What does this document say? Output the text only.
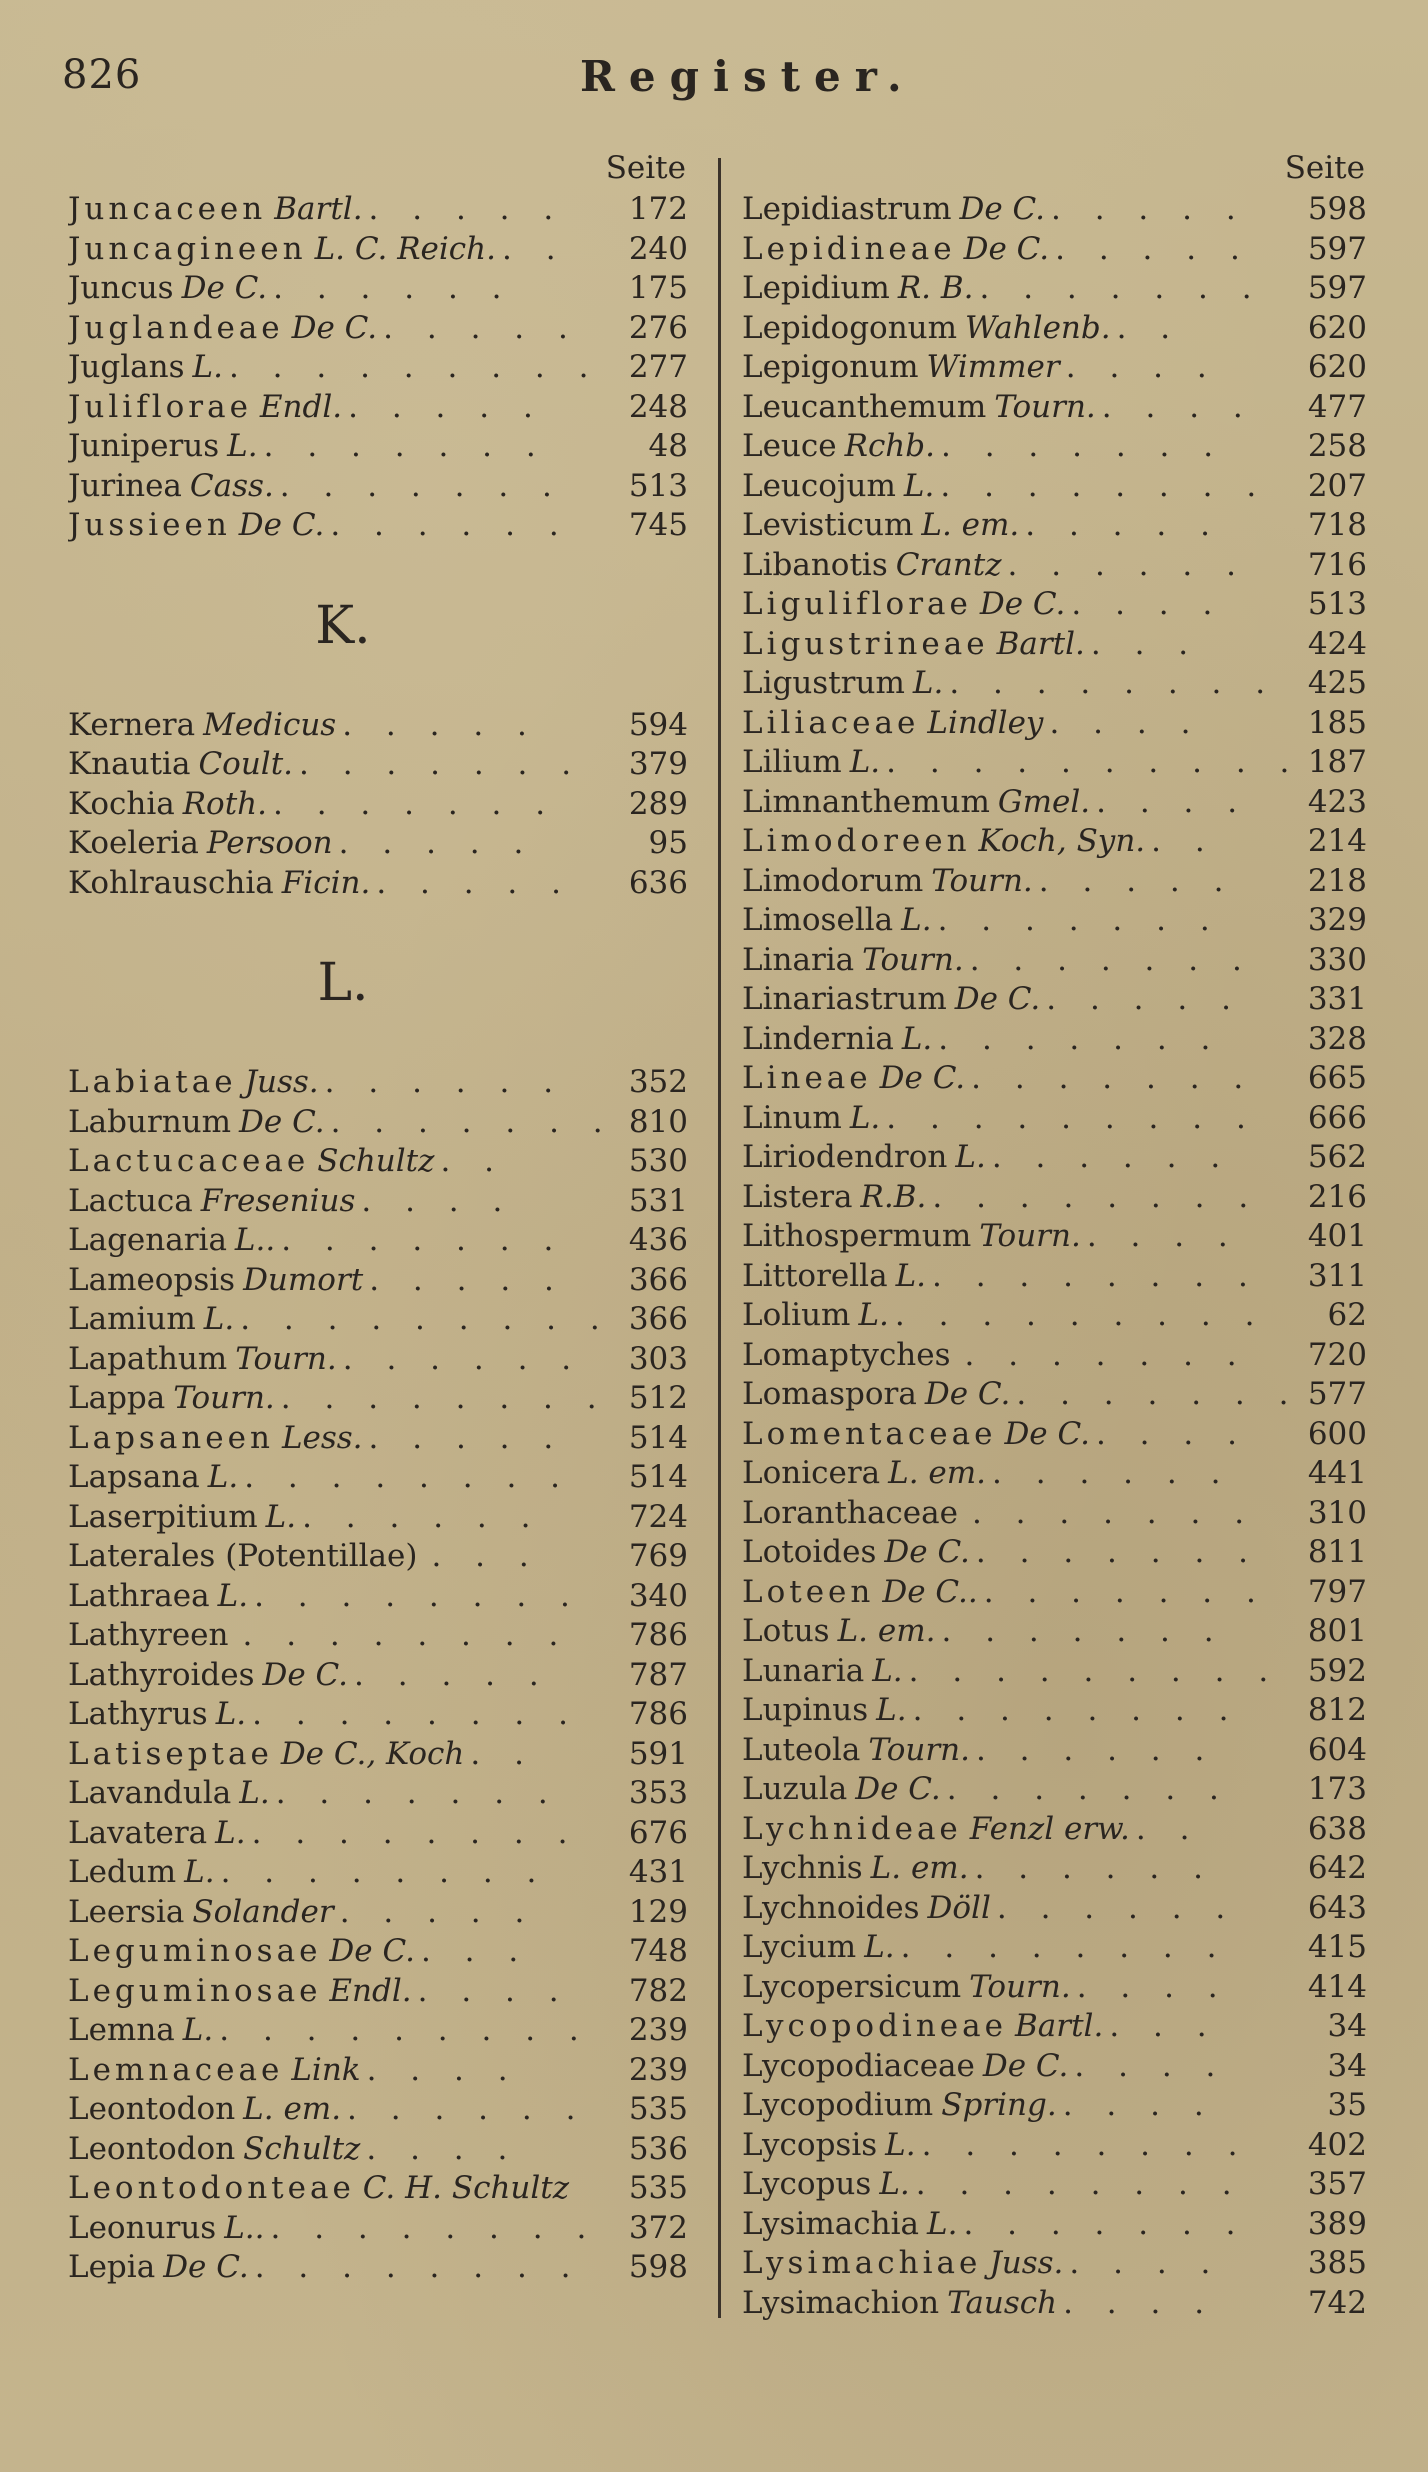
826	Register.
Seite
Juncaceen Bartl. . . . . .	172
Juncagineen L. C. Reich. . .	240
Juncus De C. . . . . . .	175
Juglandeae De C. . . . . .	276
Juglans L. . . . . . . . . . 277
Juliflorae Endl. . . . . .	248
Juniperus L. . . . . . . .	48
Jurinea Cass. . . . . . . .	513
Jussieen De C. . . . . . .	745
K.
Kernera Medicus . . . . .	594
Knautia Coult. . . . . . . .	379
Kochia Roth. . . . . . . .	289
Koeleria Persoon . . . . .	95
Kohlrauschia Ficin. . . . . .	636
L.
Labiatae Juss. . . . . . .	352
Laburnum De C. . . . . . . . 810
Lactucaceae Schultz . .	530
Lactuca Fresenius . . . .	531
Lagenaria L.. . . . . . . .	436
Lameopsis Dumort . . . . .	366
Lamium L. . . . . . . . . . 366
Lapathum Tourn. . . . . . .	303
Lappa Tourn. . . . . . . . . 512
Lapsaneen Less. . . . . .	514
Lapsana L. . . . . . . . .	514
Laserpitium L. . . . . . .	724
Laterales (Potentillae) . . .	769
Lathraea L. . . . . . . . .	340
Lathyreen . . . . . . . .	786
Lathyroides De C. . . . . .	787
Lathyrus L. . . . . . . . .	786
Latiseptae De C., Koch . .	591
Lavandula L. . . . . . . .	353
Lavatera L. . . . . . . . .	676
Ledum L. . . . . . . . .	431
Leersia Solander . . . . .	129
Leguminosae De C. . . .	748
Leguminosae Endl. . . . .	782
Lemna L. . . . . . . . . .	239
Lemnaceae Link . . . .	239
Leontodon L. em. . . . . . .	535
Leontodon Schultz . . . .	536
Leontodonteae C. H. Schultz 535
Leonurus L.. . . . . . . . . 372
Lepia De C. . . . . . . . .	598
Seite
Lepidiastrum De C. . . . . .	598
Lepidineae De C. . . . . .	597
Lepidium R. B. . . . . . . .	597
Lepidogonum Wahlenb. . .	620
Lepigonum Wimmer . . . .	620
Leucanthemum Tourn. . . . .	477
Leuce Rchb. . . . . . . .	258
Leucojum L. . . . . . . . .	207
Levisticum L. em. . . . . .	718
Libanotis Crantz . . . . . .	716
Liguliflorae De C. . . . .	513
Ligustrineae Bartl. . . .	424
Ligustrum L. . . . . . . . . 425
Liliaceae Lindley . . . .	185
Lilium L. . . . . . . . . . . 187
Limnanthemum Gmel. . . . .	423
Limodoreen Koch, Syn. . .	214
Limodorum Tourn. . . . . .	218
Limosella L. . . . . . . .	329
Linaria Tourn. . . . . . . .	330
Linariastrum De C. . . . . .	331
Lindernia L. . . . . . . .	328
Lineae De C. . . . . . . .	665
Linum L. . . . . . . . . .	666
Liriodendron L. . . . . . .	562
Listera R.B. . . . . . . . .	216
Lithospermum Tourn. . . . .	401
Littorella L. . . . . . . . .	311
Lolium L. . . . . . . . . .	62
Lomaptyches . . . . . . .	720
Lomaspora De C. . . . . . . . 577
Lomentaceae De C. . . . .	600
Lonicera L. em. . . . . . .	441
Loranthaceae . . . . . . .	310
Lotoides De C. . . . . . . .	811
Loteen De C.. . . . . . . .	797
Lotus L. em. . . . . . . .	801
Lunaria L. . . . . . . . . . 592
Lupinus L. . . . . . . . .	812
Luteola Tourn. . . . . . .	604
Luzula De C. . . . . . . .	173
Lychnideae Fenzl erw. . .	638
Lychnis L. em. . . . . . .	642
Lychnoides Döll . . . . . .	643
Lycium L. . . . . . . . .	415
Lycopersicum Tourn. . . . .	414
Lycopodineae Bartl. . . .	34
Lycopodiaceae De C. . . . .	34
Lycopodium Spring. . . . .	35
Lycopsis L. . . . . . . . .	402
Lycopus L. . . . . . . . .	357
Lysimachia L. . . . . . . .	389
Lysimachiae Juss. . . . .	385
Lysimachion Tausch . . . .	742
